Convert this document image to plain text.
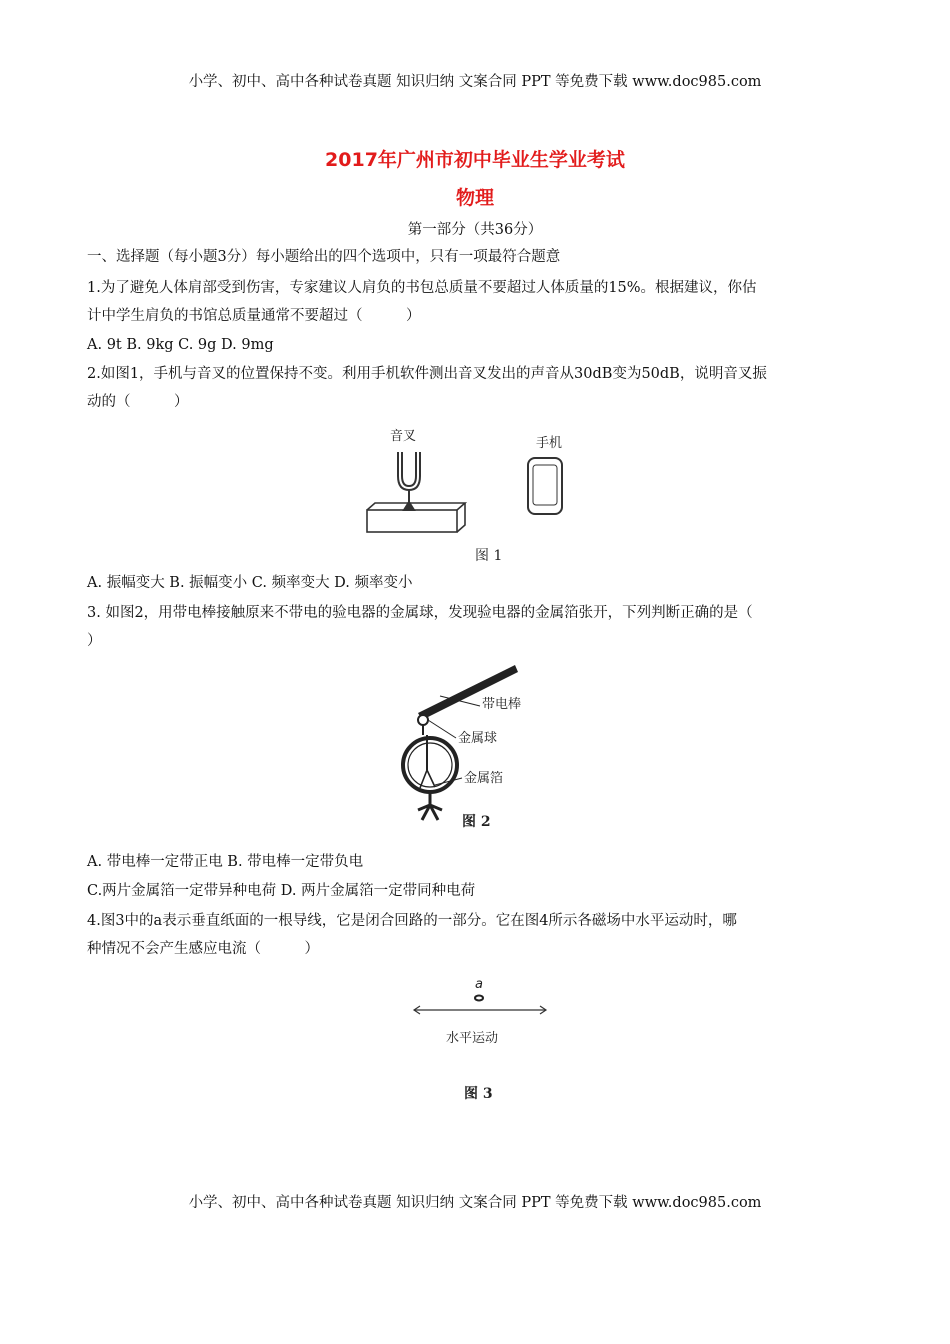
小学、初中、高中各种试卷真题 知识归纳 文案合同 PPT 等免费下载 www.doc985.com
2017年广州市初中毕业生学业考试
物理
第一部分（共36分）
一、选择题（每小题3分）每小题给出的四个选项中，只有一项最符合题意
1.为了避免人体肩部受到伤害，专家建议人肩负的书包总质量不要超过人体质量的15%。根据建议，你估
计中学生肩负的书馆总质量通常不要超过（　　　）
A. 9t B. 9kg C. 9g D. 9mg
2.如图1，手机与音叉的位置保持不变。利用手机软件测出音叉发出的声音从30dB变为50dB，说明音叉振
动的（　　　）
音叉	手机
图 1
A. 振幅变大 B. 振幅变小 C. 频率变大 D. 频率变小
3. 如图2，用带电棒接触原来不带电的验电器的金属球，发现验电器的金属箔张开，下列判断正确的是（
）
带电棒
金属球
金属箔
图 2
A. 带电棒一定带正电 B. 带电棒一定带负电
C.两片金属箔一定带异种电荷 D. 两片金属箔一定带同种电荷
4.图3中的a表示垂直纸面的一根导线，它是闭合回路的一部分。它在图4所示各磁场中水平运动时，哪
种情况不会产生感应电流（　　　）
a
水平运动
图 3
小学、初中、高中各种试卷真题 知识归纳 文案合同 PPT 等免费下载 www.doc985.com
